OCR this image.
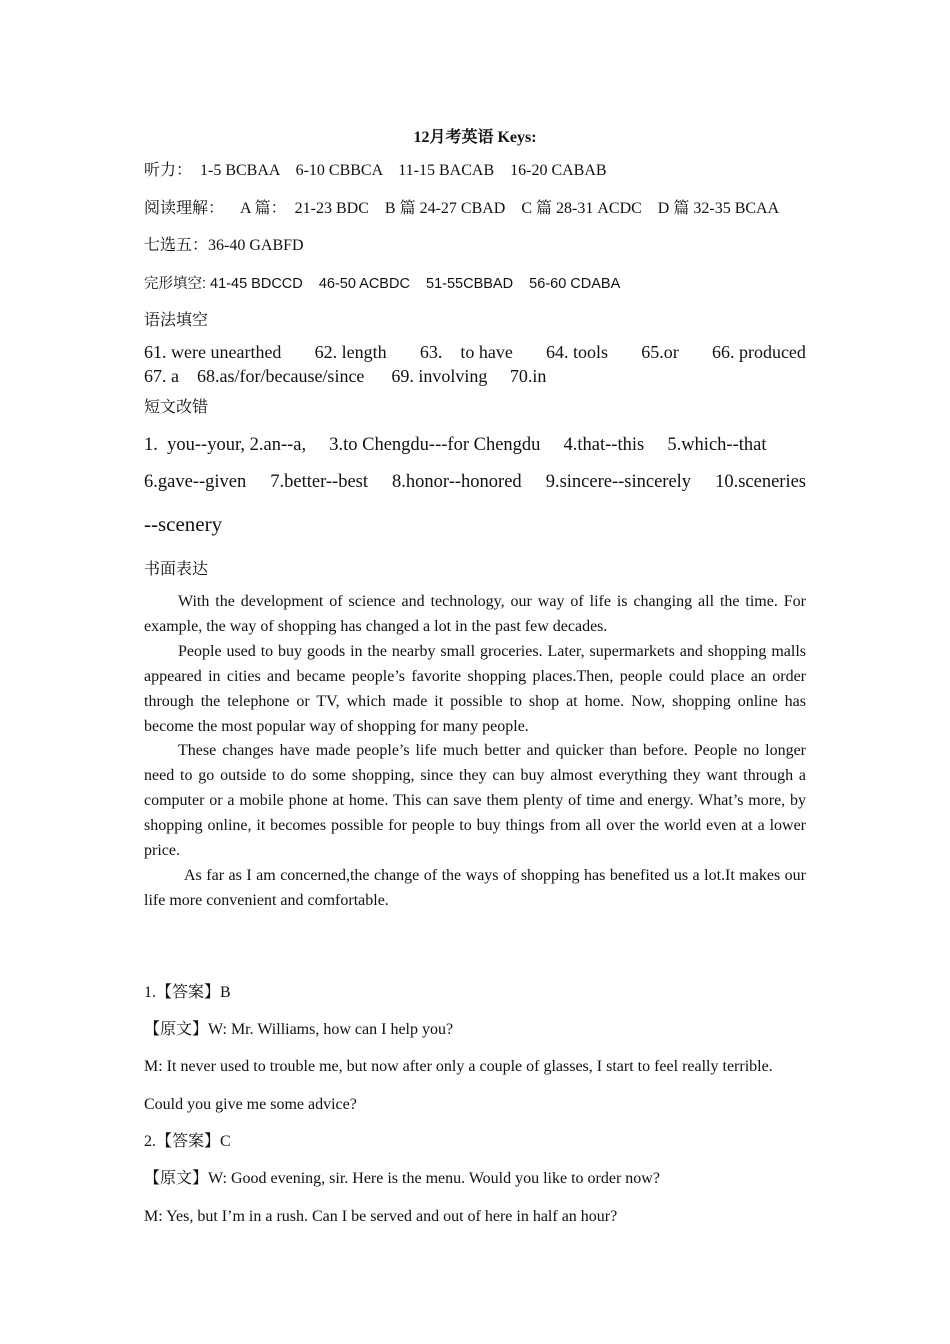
12月考英语 Keys:
听力：  1-5 BCBAA    6-10 CBBCA    11-15 BACAB    16-20 CABAB
阅读理解：    A 篇：  21-23 BDC    B 篇 24-27 CBAD    C 篇 28-31 ACDC    D 篇 32-35 BCAA
七选五：36-40 GABFD
完形填空: 41-45 BDCCD    46-50 ACBDC    51-55CBBAD    56-60 CDABA
语法填空
61. were unearthed 62. length 63.    to have 64. tools 65.or 66. produced
67. a    68.as/for/because/since      69. involving     70.in
短文改错
1.  you--your, 2.an--a,     3.to Chengdu---for Chengdu     4.that--this     5.which--that
6.gave--given 7.better--best 8.honor--honored 9.sincere--sincerely 10.sceneries
--scenery
书面表达
With the development of science and technology, our way of life is changing all the time. For example, the way of shopping has changed a lot in the past few decades.
People used to buy goods in the nearby small groceries. Later, supermarkets and shopping malls appeared in cities and became people’s favorite shopping places.Then, people could place an order through the telephone or TV, which made it possible to shop at home. Now, shopping online has become the most popular way of shopping for many people.
These changes have made people’s life much better and quicker than before. People no longer need to go outside to do some shopping, since they can buy almost everything they want through a computer or a mobile phone at home. This can save them plenty of time and energy. What’s more, by shopping online, it becomes possible for people to buy things from all over the world even at a lower price.
As far as I am concerned,the change of the ways of shopping has benefited us a lot.It makes our life more convenient and comfortable.
1.【答案】B
【原文】W: Mr. Williams, how can I help you?
M: It never used to trouble me, but now after only a couple of glasses, I start to feel really terrible.
Could you give me some advice?
2.【答案】C
【原文】W: Good evening, sir. Here is the menu. Would you like to order now?
M: Yes, but I’m in a rush. Can I be served and out of here in half an hour?
